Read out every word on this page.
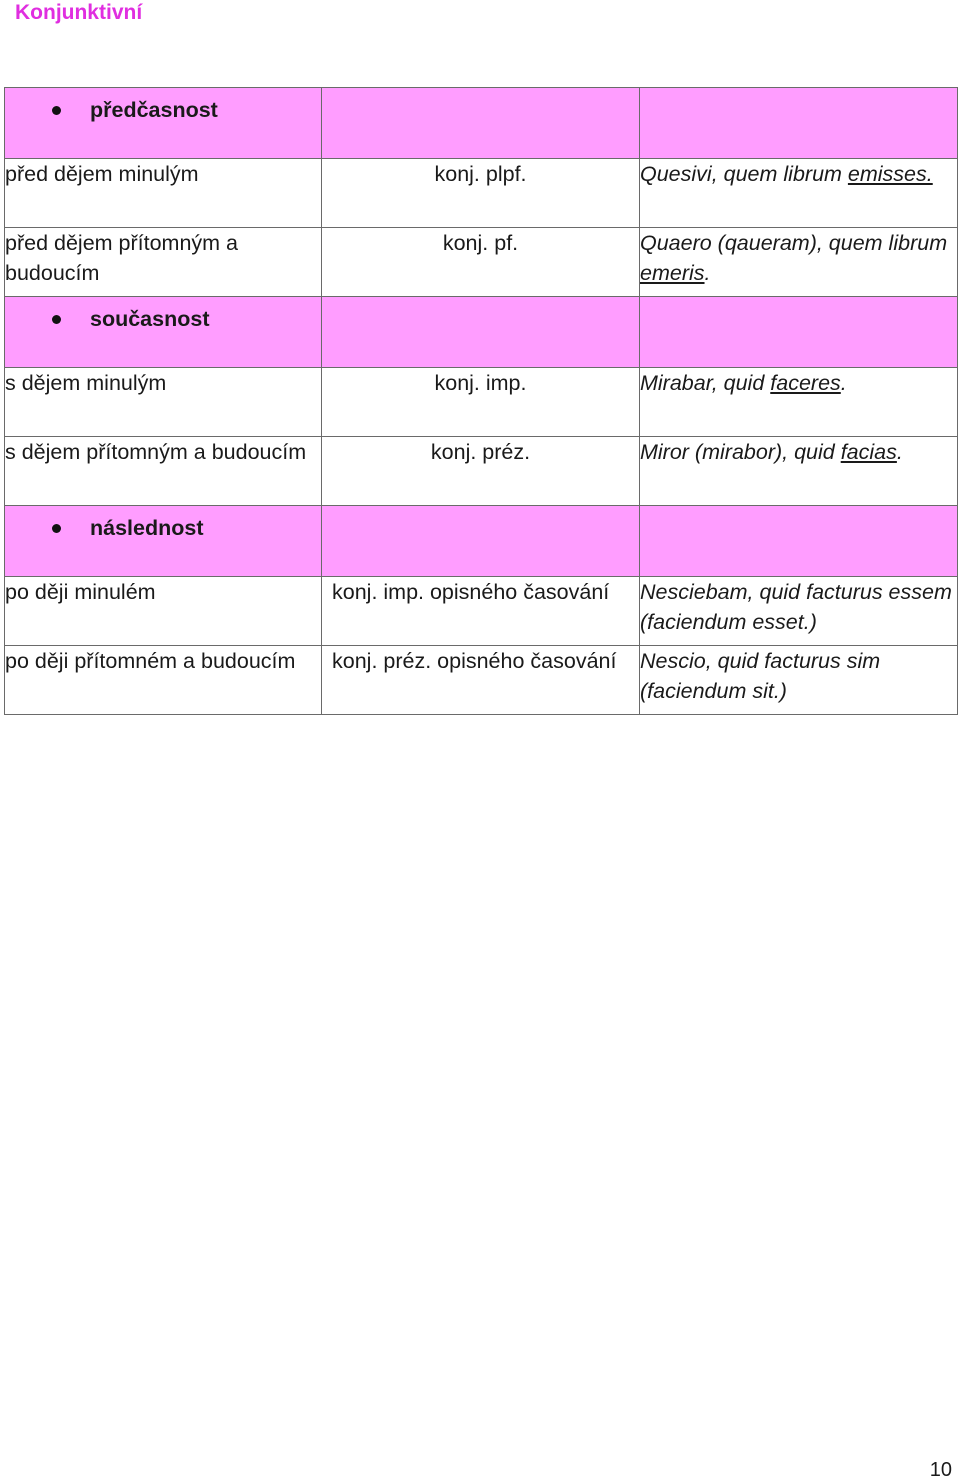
Konjunktivní
předčasnost		

před dějem minulým	konj. plpf.	Quesivi, quem librum emisses.
před dějem přítomným a budoucím	konj. pf.	Quaero (qaueram), quem librum emeris.

současnost		

s dějem minulým	konj. imp.	Mirabar, quid faceres.
s dějem přítomným a budoucím	konj. préz.	Miror (mirabor), quid facias.

následnost		

po ději minulém	konj. imp. opisného časování	Nesciebam, quid facturus essem (faciendum esset.)
po ději přítomném a budoucím	konj. préz. opisného časování	Nescio, quid facturus sim (faciendum sit.)
10
